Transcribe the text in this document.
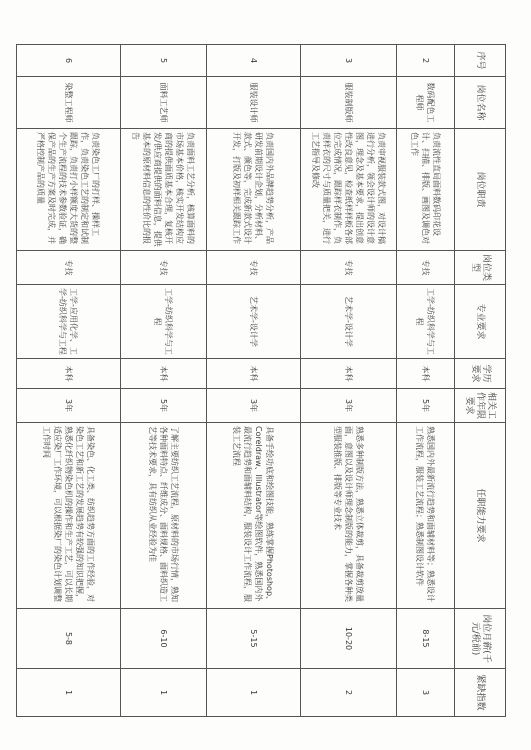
序号	岗位名称	岗位职责	岗位类型	专业要求	学历要求	相关工作年限要求	任职能力要求	岗位月薪(千元/税前)	紧缺指数
2	数码配色工程师	负责流性直局面料数码印花设计、扫描、排版、画图及调色对色工作	专技	工学-纺织科学与工程	本科	5年	熟悉国内外最新流行趋势和面辅材料等；熟悉设计工作流程，服装工艺流程；熟悉制图设计软件	8-15	3
3	服装制版师	负责审视服装款式图，对设计稿进行分析，领会设计师的设计意图，理念及基本要求，提出创意性改良意见，检查纸样样板各部位完成情况，跟踪样衣制作，负责样衣的尺寸与质量把关，进行工艺指导及修改	专技	艺术学-设计学	本科	3年	熟悉多种制版方法，熟悉立体裁剪，具备裁剪放量面，意图以及设计师理念制版的能力，掌握各种类型服装推版、排版等专业技术	10-20	2
4	服装设计师	负责国内外品牌趋势分析，产品研发前期设计企划，分析材料、款式、颜色等，完成新款式设计开发，打版及初样相关跟踪工作	专技	艺术学-设计学	本科	3年	具备手绘功底和绘图技能，熟练掌握Photoshop、Coreldraw、Illustrator等绘图软件，熟悉国内外最流行趋势和面辅料结构，服装设计工作流程，服装工艺流程	5-15	1
5	面料工艺师	负责面料工艺分析，核算面料的市场基本价格，核实开发结构应商的提供面质基本合理，复核开发/供应商提供的面料信息，提供基本的原材料信息的性价比的报告	专技	工学-纺织科学与工程	本科	5年	了解主要纺织工艺流程，原材料的市场行情，熟知各种面料特点、纤维成分、面料规格、面料织造工艺等技术要求，具有纺织从业经验为佳	6-10	1
6	染整工程师	负责染色工厂的打样、操样工作，负责染色工艺的制定和试制跟踪，负责打小样额度大货的整个生产流程的技术参数验证，确保产品的生产方案及时完成，并严格控制产品的质量	专技	工学-应用化学、工学-纺织科学与工程	本科	3年	具备染色、化工类、纺织趋势方面的工作经验，对染色工艺和新工艺的发展趋势有较强的知识把握，熟悉化纤织物染色机的操作和生产工艺，可以长期适应染厂工作环境，可以根据染厂的染色计划调整工作时间	5-8	1
